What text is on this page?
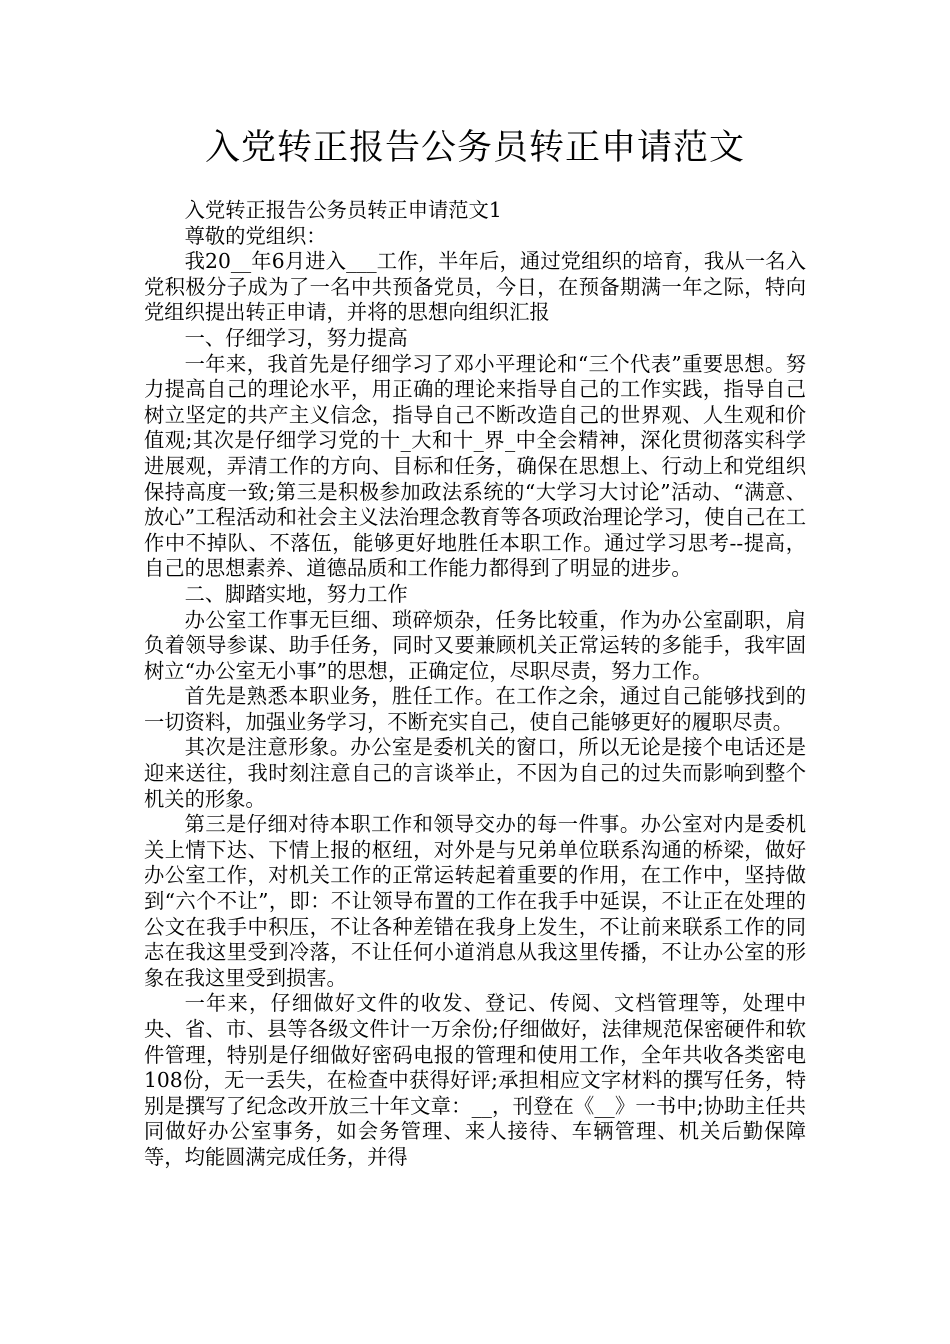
入党转正报告公务员转正申请范文

入党转正报告公务员转正申请范文1

尊敬的党组织：

我20__年6月进入___工作，半年后，通过党组织的培育，我从一名入党积极分子成为了一名中共预备党员，今日，在预备期满一年之际，特向党组织提出转正申请，并将的思想向组织汇报

一、仔细学习，努力提高

一年来，我首先是仔细学习了邓小平理论和“三个代表”重要思想。努力提高自己的理论水平，用正确的理论来指导自己的工作实践，指导自己树立坚定的共产主义信念，指导自己不断改造自己的世界观、人生观和价值观;其次是仔细学习党的十_大和十_界_中全会精神，深化贯彻落实科学进展观，弄清工作的方向、目标和任务，确保在思想上、行动上和党组织保持高度一致;第三是积极参加政法系统的“大学习大讨论”活动、“满意、放心”工程活动和社会主义法治理念教育等各项政治理论学习，使自己在工作中不掉队、不落伍，能够更好地胜任本职工作。通过学习思考--提高，自己的思想素养、道德品质和工作能力都得到了明显的进步。

二、脚踏实地，努力工作

办公室工作事无巨细、琐碎烦杂，任务比较重，作为办公室副职，肩负着领导参谋、助手任务，同时又要兼顾机关正常运转的多能手，我牢固树立“办公室无小事”的思想，正确定位，尽职尽责，努力工作。

首先是熟悉本职业务，胜任工作。在工作之余，通过自己能够找到的一切资料，加强业务学习，不断充实自己，使自己能够更好的履职尽责。

其次是注意形象。办公室是委机关的窗口，所以无论是接个电话还是迎来送往，我时刻注意自己的言谈举止，不因为自己的过失而影响到整个机关的形象。

第三是仔细对待本职工作和领导交办的每一件事。办公室对内是委机关上情下达、下情上报的枢纽，对外是与兄弟单位联系沟通的桥梁，做好办公室工作，对机关工作的正常运转起着重要的作用，在工作中，坚持做到“六个不让”，即：不让领导布置的工作在我手中延误，不让正在处理的公文在我手中积压，不让各种差错在我身上发生，不让前来联系工作的同志在我这里受到冷落，不让任何小道消息从我这里传播，不让办公室的形象在我这里受到损害。

一年来，仔细做好文件的收发、登记、传阅、文档管理等，处理中央、省、市、县等各级文件计一万余份;仔细做好，法律规范保密硬件和软件管理，特别是仔细做好密码电报的管理和使用工作，全年共收各类密电108份，无一丢失，在检查中获得好评;承担相应文字材料的撰写任务，特别是撰写了纪念改开放三十年文章：__，刊登在《__》一书中;协助主任共同做好办公室事务，如会务管理、来人接待、车辆管理、机关后勤保障等，均能圆满完成任务，并得
